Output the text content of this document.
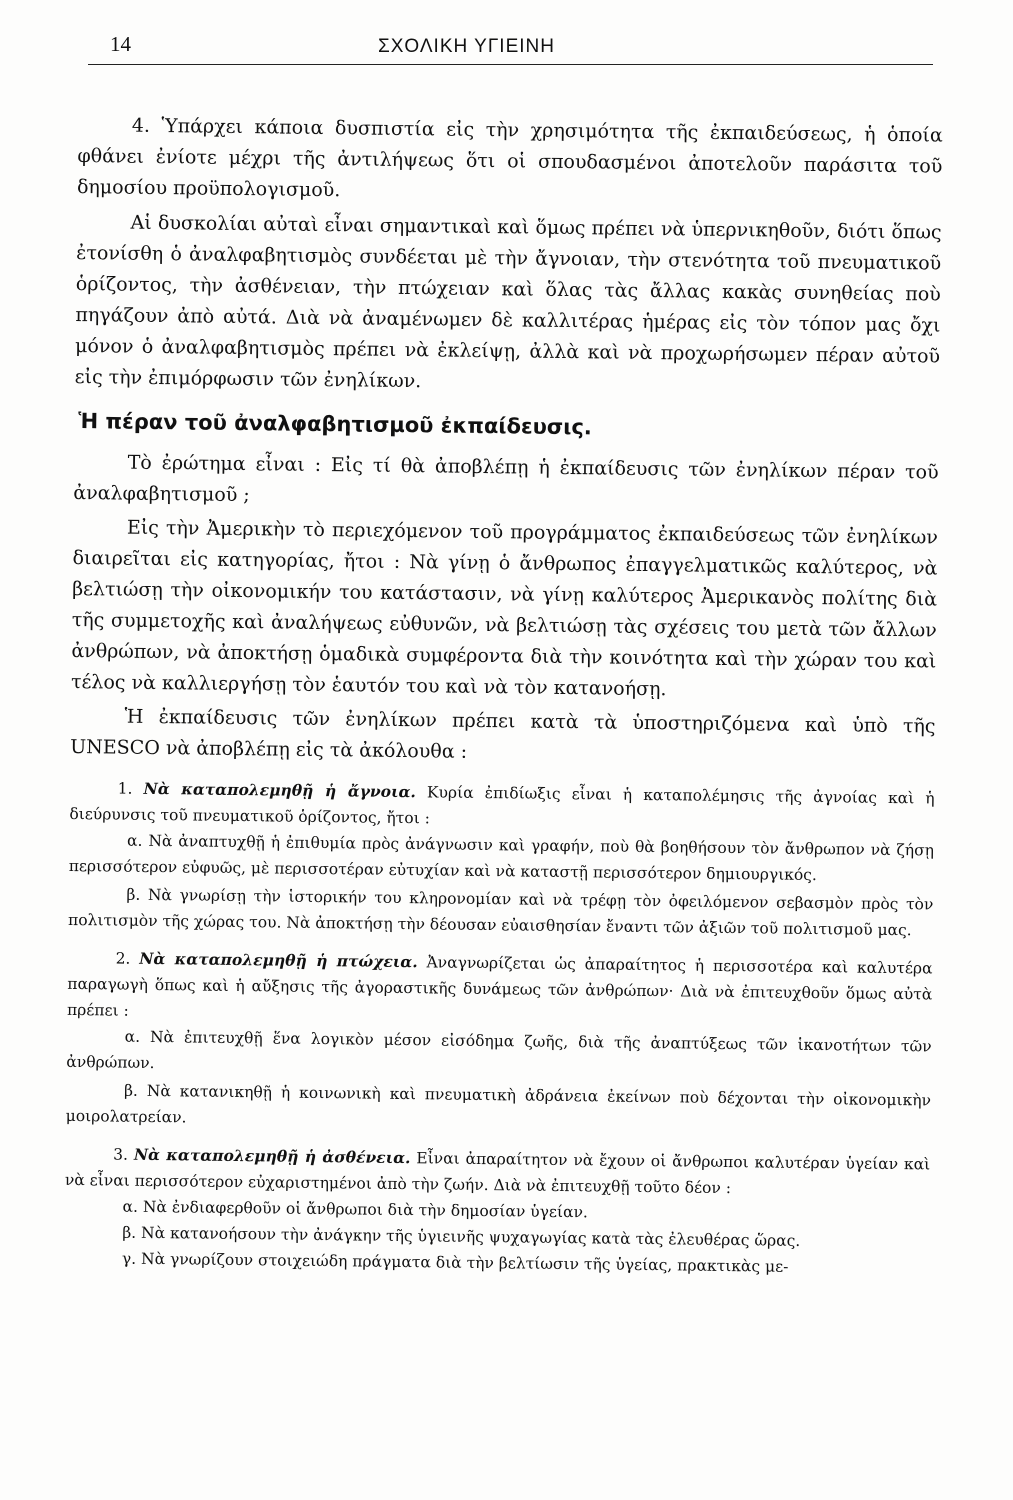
14	ΣΧΟΛΙΚΗ ΥΓΙΕΙΝΗ

4. Ὑπάρχει κάποια δυσπιστία εἰς τὴν χρησιμότητα τῆς ἐκπαιδεύσεως, ἡ ὁποία φθάνει ἐνίοτε μέχρι τῆς ἀντιλήψεως ὅτι οἱ σπουδασμένοι ἀποτελοῦν παράσιτα τοῦ δημοσίου προϋπολογισμοῦ.

Αἱ δυσκολίαι αὐταὶ εἶναι σημαντικαὶ καὶ ὅμως πρέπει νὰ ὑπερνικηθοῦν, διότι ὅπως ἐτονίσθη ὁ ἀναλφαβητισμὸς συνδέεται μὲ τὴν ἄγνοιαν, τὴν στενότητα τοῦ πνευματικοῦ ὁρίζοντος, τὴν ἀσθένειαν, τὴν πτώχειαν καὶ ὅλας τὰς ἄλλας κακὰς συνηθείας ποὺ πηγάζουν ἀπὸ αὐτά. Διὰ νὰ ἀναμένωμεν δὲ καλλιτέρας ἡμέρας εἰς τὸν τόπον μας ὄχι μόνον ὁ ἀναλφαβητισμὸς πρέπει νὰ ἐκλείψῃ, ἀλλὰ καὶ νὰ προχωρήσωμεν πέραν αὐτοῦ εἰς τὴν ἐπιμόρφωσιν τῶν ἐνηλίκων.

Ἡ πέραν τοῦ ἀναλφαβητισμοῦ ἐκπαίδευσις.

Τὸ ἐρώτημα εἶναι : Εἰς τί θὰ ἀποβλέπῃ ἡ ἐκπαίδευσις τῶν ἐνηλίκων πέραν τοῦ ἀναλφαβητισμοῦ ;

Εἰς τὴν Ἀμερικὴν τὸ περιεχόμενον τοῦ προγράμματος ἐκπαιδεύσεως τῶν ἐνηλίκων διαιρεῖται εἰς κατηγορίας, ἤτοι : Νὰ γίνῃ ὁ ἄνθρωπος ἐπαγγελματικῶς καλύτερος, νὰ βελτιώσῃ τὴν οἰκονομικήν του κατάστασιν, νὰ γίνῃ καλύτερος Ἀμερικανὸς πολίτης διὰ τῆς συμμετοχῆς καὶ ἀναλήψεως εὐθυνῶν, νὰ βελτιώσῃ τὰς σχέσεις του μετὰ τῶν ἄλλων ἀνθρώπων, νὰ ἀποκτήσῃ ὁμαδικὰ συμφέροντα διὰ τὴν κοινότητα καὶ τὴν χώραν του καὶ τέλος νὰ καλλιεργήσῃ τὸν ἑαυτόν του καὶ νὰ τὸν κατανοήσῃ.

Ἡ ἐκπαίδευσις τῶν ἐνηλίκων πρέπει κατὰ τὰ ὑποστηριζόμενα καὶ ὑπὸ τῆς UNESCO νὰ ἀποβλέπῃ εἰς τὰ ἀκόλουθα :

1. Νὰ καταπολεμηθῇ ἡ ἄγνοια. Κυρία ἐπιδίωξις εἶναι ἡ καταπολέμησις τῆς ἀγνοίας καὶ ἡ διεύρυνσις τοῦ πνευματικοῦ ὁρίζοντος, ἤτοι :

α. Νὰ ἀναπτυχθῇ ἡ ἐπιθυμία πρὸς ἀνάγνωσιν καὶ γραφήν, ποὺ θὰ βοηθήσουν τὸν ἄνθρωπον νὰ ζήσῃ περισσότερον εὐφυῶς, μὲ περισσοτέραν εὐτυχίαν καὶ νὰ καταστῇ περισσότερον δημιουργικός.

β. Νὰ γνωρίσῃ τὴν ἱστορικήν του κληρονομίαν καὶ νὰ τρέφῃ τὸν ὀφειλόμενον σεβασμὸν πρὸς τὸν πολιτισμὸν τῆς χώρας του. Νὰ ἀποκτήσῃ τὴν δέουσαν εὐαισθησίαν ἔναντι τῶν ἀξιῶν τοῦ πολιτισμοῦ μας.

2. Νὰ καταπολεμηθῇ ἡ πτώχεια. Ἀναγνωρίζεται ὡς ἀπαραίτητος ἡ περισσοτέρα καὶ καλυτέρα παραγωγὴ ὅπως καὶ ἡ αὔξησις τῆς ἀγοραστικῆς δυνάμεως τῶν ἀνθρώπων· Διὰ νὰ ἐπιτευχθοῦν ὅμως αὐτὰ πρέπει :

α. Νὰ ἐπιτευχθῇ ἕνα λογικὸν μέσον εἰσόδημα ζωῆς, διὰ τῆς ἀναπτύξεως τῶν ἱκανοτήτων τῶν ἀνθρώπων.

β. Νὰ κατανικηθῇ ἡ κοινωνικὴ καὶ πνευματικὴ ἀδράνεια ἐκείνων ποὺ δέχονται τὴν οἰκονομικὴν μοιρολατρείαν.

3. Νὰ καταπολεμηθῇ ἡ ἀσθένεια. Εἶναι ἀπαραίτητον νὰ ἔχουν οἱ ἄνθρωποι καλυτέραν ὑγείαν καὶ νὰ εἶναι περισσότερον εὐχαριστημένοι ἀπὸ τὴν ζωήν. Διὰ νὰ ἐπιτευχθῇ τοῦτο δέον :

α. Νὰ ἐνδιαφερθοῦν οἱ ἄνθρωποι διὰ τὴν δημοσίαν ὑγείαν.

β. Νὰ κατανοήσουν τὴν ἀνάγκην τῆς ὑγιεινῆς ψυχαγωγίας κατὰ τὰς ἐλευθέρας ὥρας.

γ. Νὰ γνωρίζουν στοιχειώδη πράγματα διὰ τὴν βελτίωσιν τῆς ὑγείας, πρακτικὰς με-
